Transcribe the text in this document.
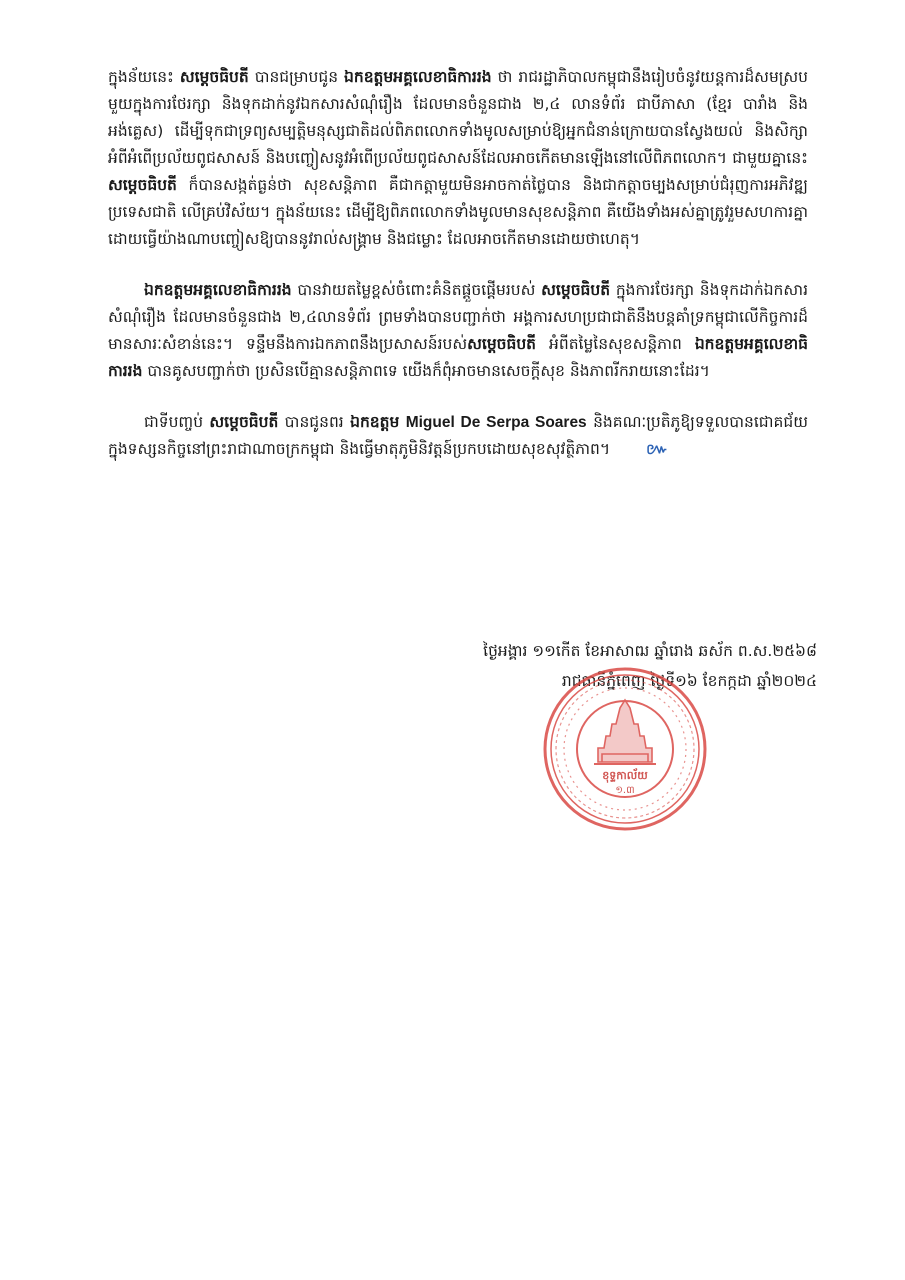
ក្នុងន័យនេះ សម្តេចធិបតី បានជម្រាបជូន ឯកឧត្តមអគ្គលេខាធិការរង ថា រាជរដ្ឋាភិបាលកម្ពុជានឹងរៀបចំនូវយន្តការដ៏សមស្របមួយក្នុងការថែរក្សា និងទុកដាក់នូវឯកសារសំណុំរឿង ដែលមានចំនួនជាង ២,៤ លានទំព័រ ជាបីភាសា (ខ្មែរ បារាំង និងអង់គ្លេស) ដើម្បីទុកជាទ្រព្យសម្បត្តិមនុស្សជាតិដល់ពិភពលោកទាំងមូលសម្រាប់ឱ្យអ្នកជំនាន់ក្រោយបានស្វែងយល់ និងសិក្សាអំពីអំពើប្រល័យពូជសាសន៍ និងបញ្ចៀសនូវអំពើប្រល័យពូជសាសន៍ដែលអាចកើតមានឡើងនៅលើពិភពលោក។ ជាមួយគ្នានេះ សម្តេចធិបតី ក៏បានសង្កត់ធ្ងន់ថា សុខសន្តិភាព គឺជាកត្តាមួយមិនអាចកាត់ថ្លៃបាន និងជាកត្តាចម្បងសម្រាប់ជំរុញការអភិវឌ្ឍប្រទេសជាតិ លើគ្រប់វិស័យ។ ក្នុងន័យនេះ ដើម្បីឱ្យពិភពលោកទាំងមូលមានសុខសន្តិភាព គឺយើងទាំងអស់គ្នាត្រូវរួមសហការគ្នា ដោយធ្វើយ៉ាងណាបញ្ចៀសឱ្យបាននូវរាល់សង្គ្រាម និងជម្លោះ ដែលអាចកើតមានដោយថាហេតុ។

ឯកឧត្តមអគ្គលេខាធិការរង បានវាយតម្លៃខ្ពស់ចំពោះគំនិតផ្តួចផ្តើមរបស់ សម្តេចធិបតី ក្នុងការថែរក្សា និងទុកដាក់ឯកសារសំណុំរឿង ដែលមានចំនួនជាង ២,៤លានទំព័រ ព្រមទាំងបានបញ្ជាក់ថា អង្គការសហប្រជាជាតិនឹងបន្តគាំទ្រកម្ពុជាលើកិច្ចការដ៏មានសារៈសំខាន់នេះ។ ទន្ទឹមនឹងការឯកភាពនឹងប្រសាសន៍របស់សម្តេចធិបតី អំពីតម្លៃនៃសុខសន្តិភាព ឯកឧត្តមអគ្គលេខាធិការរង បានគូសបញ្ជាក់ថា ប្រសិនបើគ្មានសន្តិភាពទេ យើងក៏ពុំអាចមានសេចក្តីសុខ និងភាពរីករាយនោះដែរ។

ជាទីបញ្ចប់ សម្តេចធិបតី បានជូនពរ ឯកឧត្តម Miguel De Serpa Soares និងគណៈប្រតិភូឱ្យទទួលបានជោគជ័យក្នុងទស្សនកិច្ចនៅព្រះរាជាណាចក្រកម្ពុជា និងធ្វើមាតុភូមិនិវត្តន៍ប្រកបដោយសុខសុវត្ថិភាព។ ៚

ថ្ងៃអង្គារ ១១កើត ខែអាសាឍ ឆ្នាំរោង ឆស័ក ព.ស.២៥៦៨
រាជធានីភ្នំពេញ ថ្ងៃទី១៦ ខែកក្កដា ឆ្នាំ២០២៤
ខុទ្ទកាល័យ
១.៣
